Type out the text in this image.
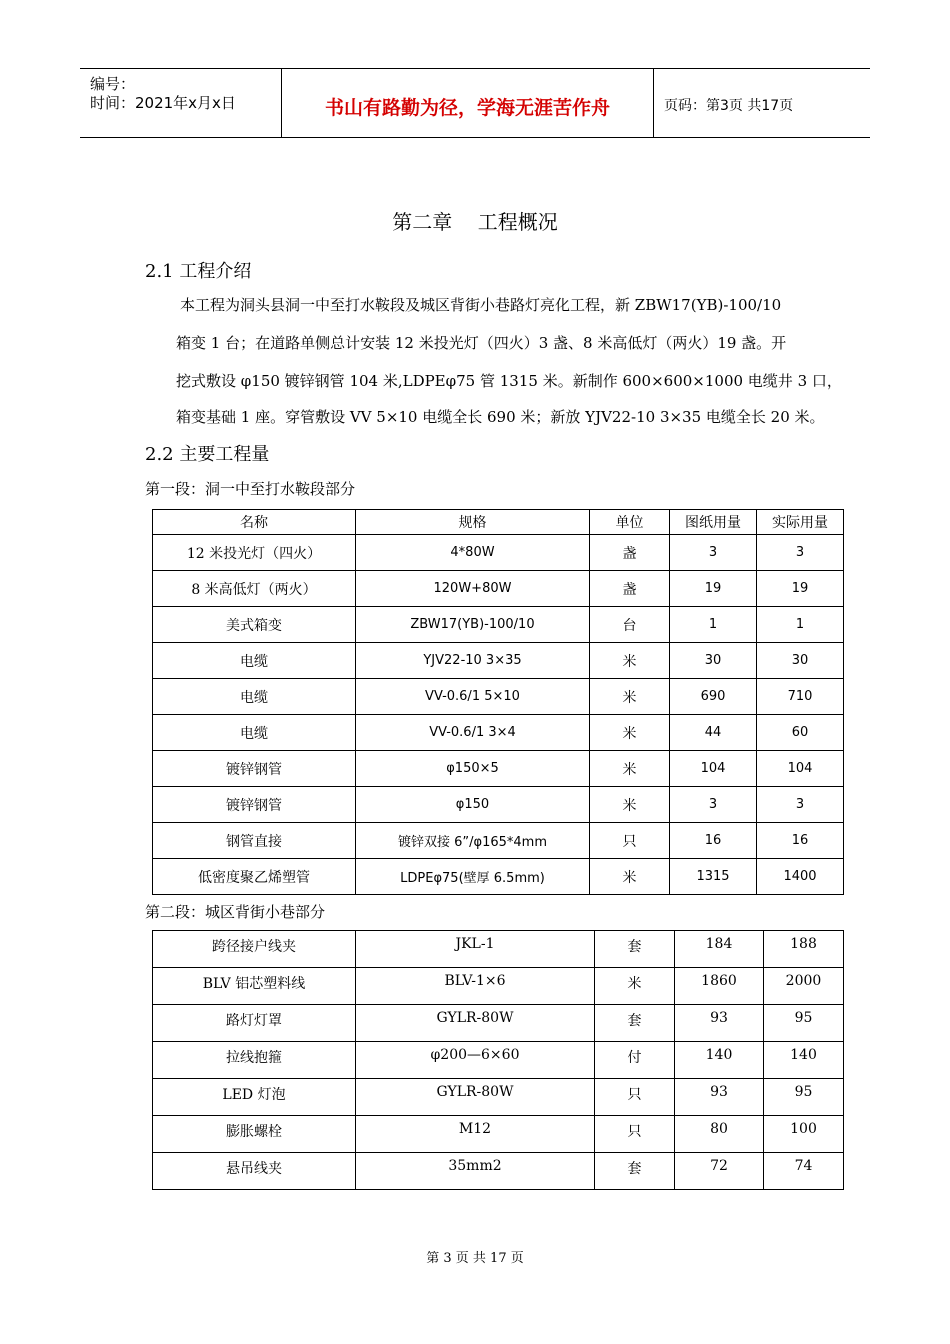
编号：
时间：2021年x月x日	书山有路勤为径，学海无涯苦作舟	页码：第3页 共17页
第二章    工程概况
2.1 工程介绍
本工程为洞头县洞一中至打水鞍段及城区背街小巷路灯亮化工程，新 ZBW17(YB)-100/10
箱变 1 台；在道路单侧总计安装 12 米投光灯（四火）3 盏、8 米高低灯（两火）19 盏。开
挖式敷设 φ150 镀锌钢管 104 米,LDPEφ75 管 1315 米。新制作 600×600×1000 电缆井 3 口，
箱变基础 1 座。穿管敷设 VV 5×10 电缆全长 690 米；新放 YJV22-10 3×35 电缆全长 20 米。
2.2 主要工程量
第一段：洞一中至打水鞍段部分
名称	规格	单位	图纸用量	实际用量
12 米投光灯（四火）	4*80W	盏	3	3
8 米高低灯（两火）	120W+80W	盏	19	19
美式箱变	ZBW17(YB)-100/10	台	1	1
电缆	YJV22-10 3×35	米	30	30
电缆	VV-0.6/1 5×10	米	690	710
电缆	VV-0.6/1 3×4	米	44	60
镀锌钢管	φ150×5	米	104	104
镀锌钢管	φ150	米	3	3
钢管直接	镀锌双接 6”/φ165*4mm	只	16	16
低密度聚乙烯塑管	LDPEφ75(壁厚 6.5mm)	米	1315	1400
第二段：城区背街小巷部分
跨径接户线夹	JKL-1	套	184	188
BLV 铝芯塑料线	BLV-1×6	米	1860	2000
路灯灯罩	GYLR-80W	套	93	95
拉线抱箍	φ200—6×60	付	140	140
LED 灯泡	GYLR-80W	只	93	95
膨胀螺栓	M12	只	80	100
悬吊线夹	35mm2	套	72	74
第 3 页 共 17 页
